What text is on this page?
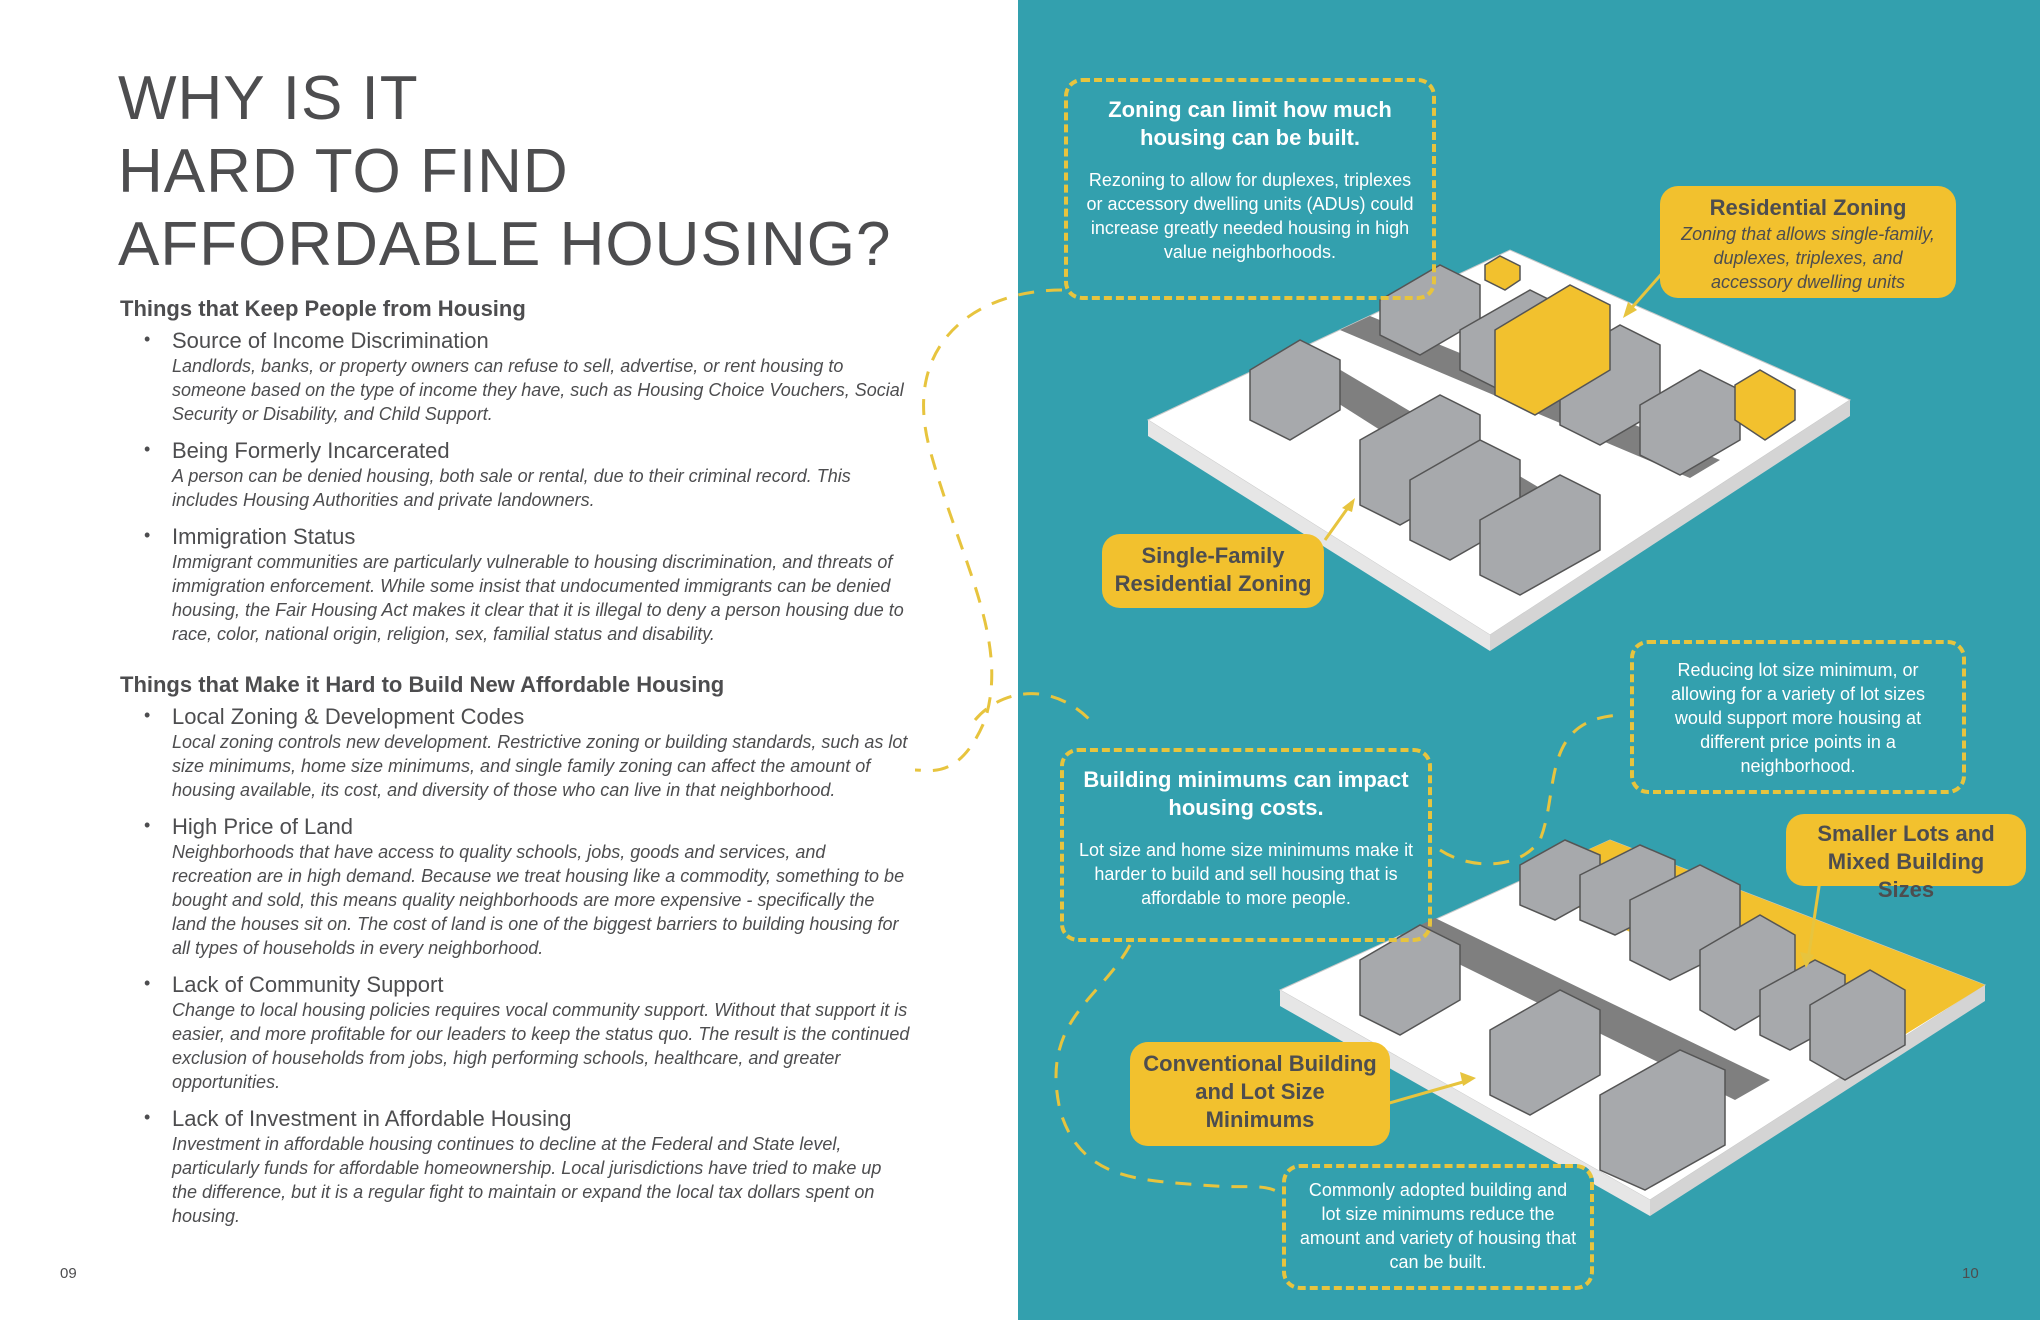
WHY IS IT
HARD TO FIND
AFFORDABLE HOUSING?
Things that Keep People from Housing
• Source of Income Discrimination
Landlords, banks, or property owners can refuse to sell, advertise, or rent housing to someone based on the type of income they have, such as Housing Choice Vouchers, Social Security or Disability, and Child Support.
• Being Formerly Incarcerated
A person can be denied housing, both sale or rental, due to their criminal record. This includes Housing Authorities and private landowners.
• Immigration Status
Immigrant communities are particularly vulnerable to housing discrimination, and threats of immigration enforcement. While some insist that undocumented immigrants can be denied housing, the Fair Housing Act makes it clear that it is illegal to deny a person housing due to race, color, national origin, religion, sex, familial status and disability.
Things that Make it Hard to Build New Affordable Housing
• Local Zoning & Development Codes
Local zoning controls new development. Restrictive zoning or building standards, such as lot size minimums, home size minimums, and single family zoning can affect the amount of housing available, its cost, and diversity of those who can live in that neighborhood.
• High Price of Land
Neighborhoods that have access to quality schools, jobs, goods and services, and recreation are in high demand. Because we treat housing like a commodity, something to be bought and sold, this means quality neighborhoods are more expensive - specifically the land the houses sit on. The cost of land is one of the biggest barriers to building housing for all types of households in every neighborhood.
• Lack of Community Support
Change to local housing policies requires vocal community support. Without that support it is easier, and more profitable for our leaders to keep the status quo. The result is the continued exclusion of households from jobs, high performing schools, healthcare, and greater opportunities.
• Lack of Investment in Affordable Housing
Investment in affordable housing continues to decline at the Federal and State level, particularly funds for affordable homeownership. Local jurisdictions have tried to make up the difference, but it is a regular fight to maintain or expand the local tax dollars spent on housing.
09	10
Zoning can limit how much housing can be built.
Rezoning to allow for duplexes, triplexes or accessory dwelling units (ADUs) could increase greatly needed housing in high value neighborhoods.
Building minimums can impact housing costs.
Lot size and home size minimums make it harder to build and sell housing that is affordable to more people.
Reducing lot size minimum, or allowing for a variety of lot sizes would support more housing at different price points in a neighborhood.
Commonly adopted building and lot size minimums reduce the amount and variety of housing that can be built.
Residential Zoning
Zoning that allows single-family, duplexes, triplexes, and accessory dwelling units
Single-Family Residential Zoning
Smaller Lots and Mixed Building Sizes
Conventional Building and Lot Size Minimums
